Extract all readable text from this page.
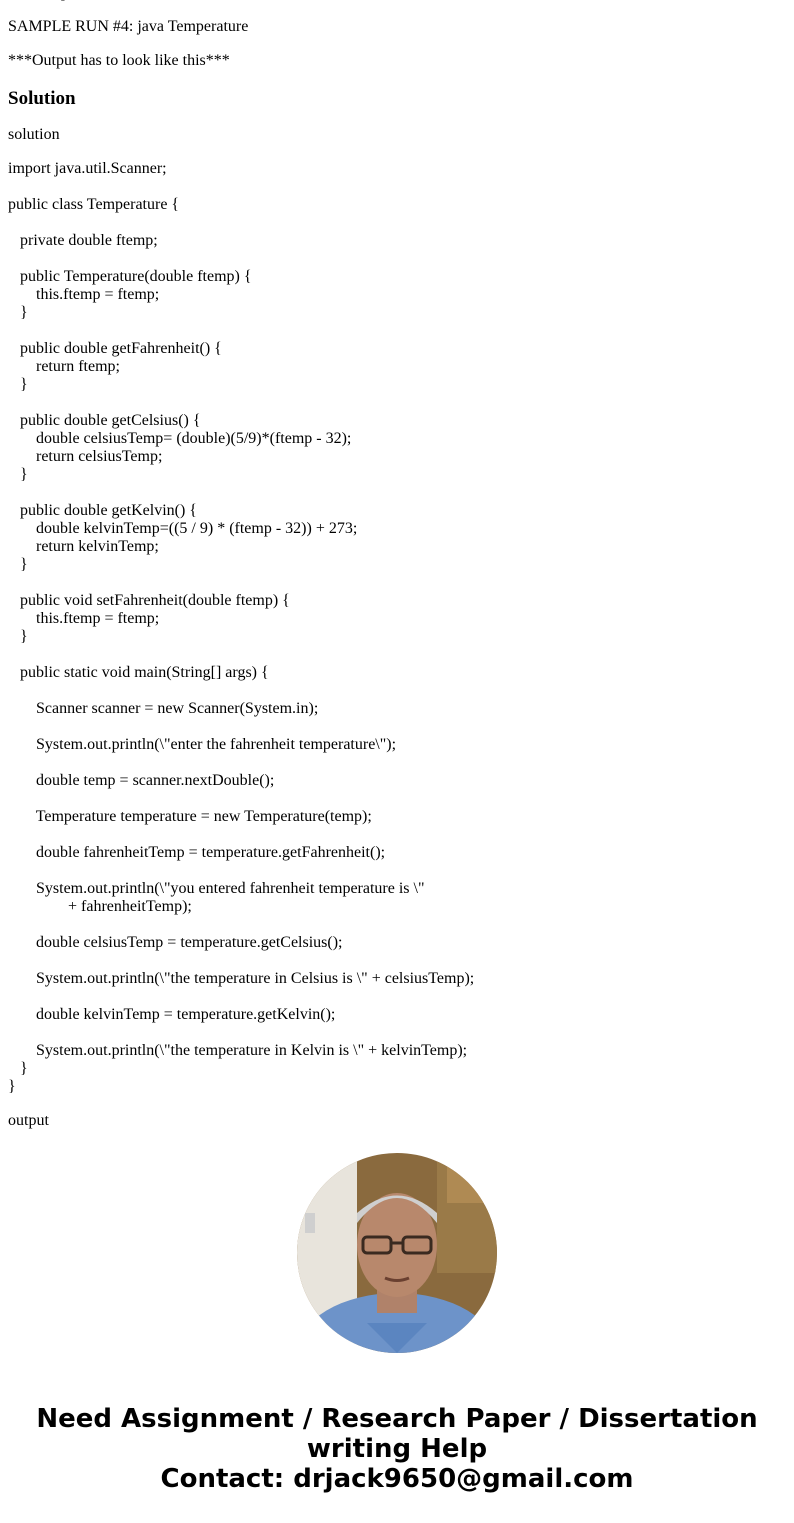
SAMPLE RUN #4: java Temperature

***Output has to look like this***

Solution

solution

import java.util.Scanner;

public class Temperature {

private double ftemp;

public Temperature(double ftemp) {

this.ftemp = ftemp;

}

public double getFahrenheit() {

return ftemp;

}

public double getCelsius() {

double celsiusTemp= (double)(5/9)*(ftemp - 32);

return celsiusTemp;

}

public double getKelvin() {

double kelvinTemp=((5 / 9) * (ftemp - 32)) + 273;

return kelvinTemp;

}

public void setFahrenheit(double ftemp) {

this.ftemp = ftemp;

}

public static void main(String[] args) {

Scanner scanner = new Scanner(System.in);

System.out.println(\"enter the fahrenheit temperature\");

double temp = scanner.nextDouble();

Temperature temperature = new Temperature(temp);

double fahrenheitTemp = temperature.getFahrenheit();

System.out.println(\"you entered fahrenheit temperature is \"

+ fahrenheitTemp);

double celsiusTemp = temperature.getCelsius();

System.out.println(\"the temperature in Celsius is \" + celsiusTemp);

double kelvinTemp = temperature.getKelvin();

System.out.println(\"the temperature in Kelvin is \" + kelvinTemp);

}

}

output

Need Assignment / Research Paper / Dissertation
writing Help
Contact: drjack9650@gmail.com
